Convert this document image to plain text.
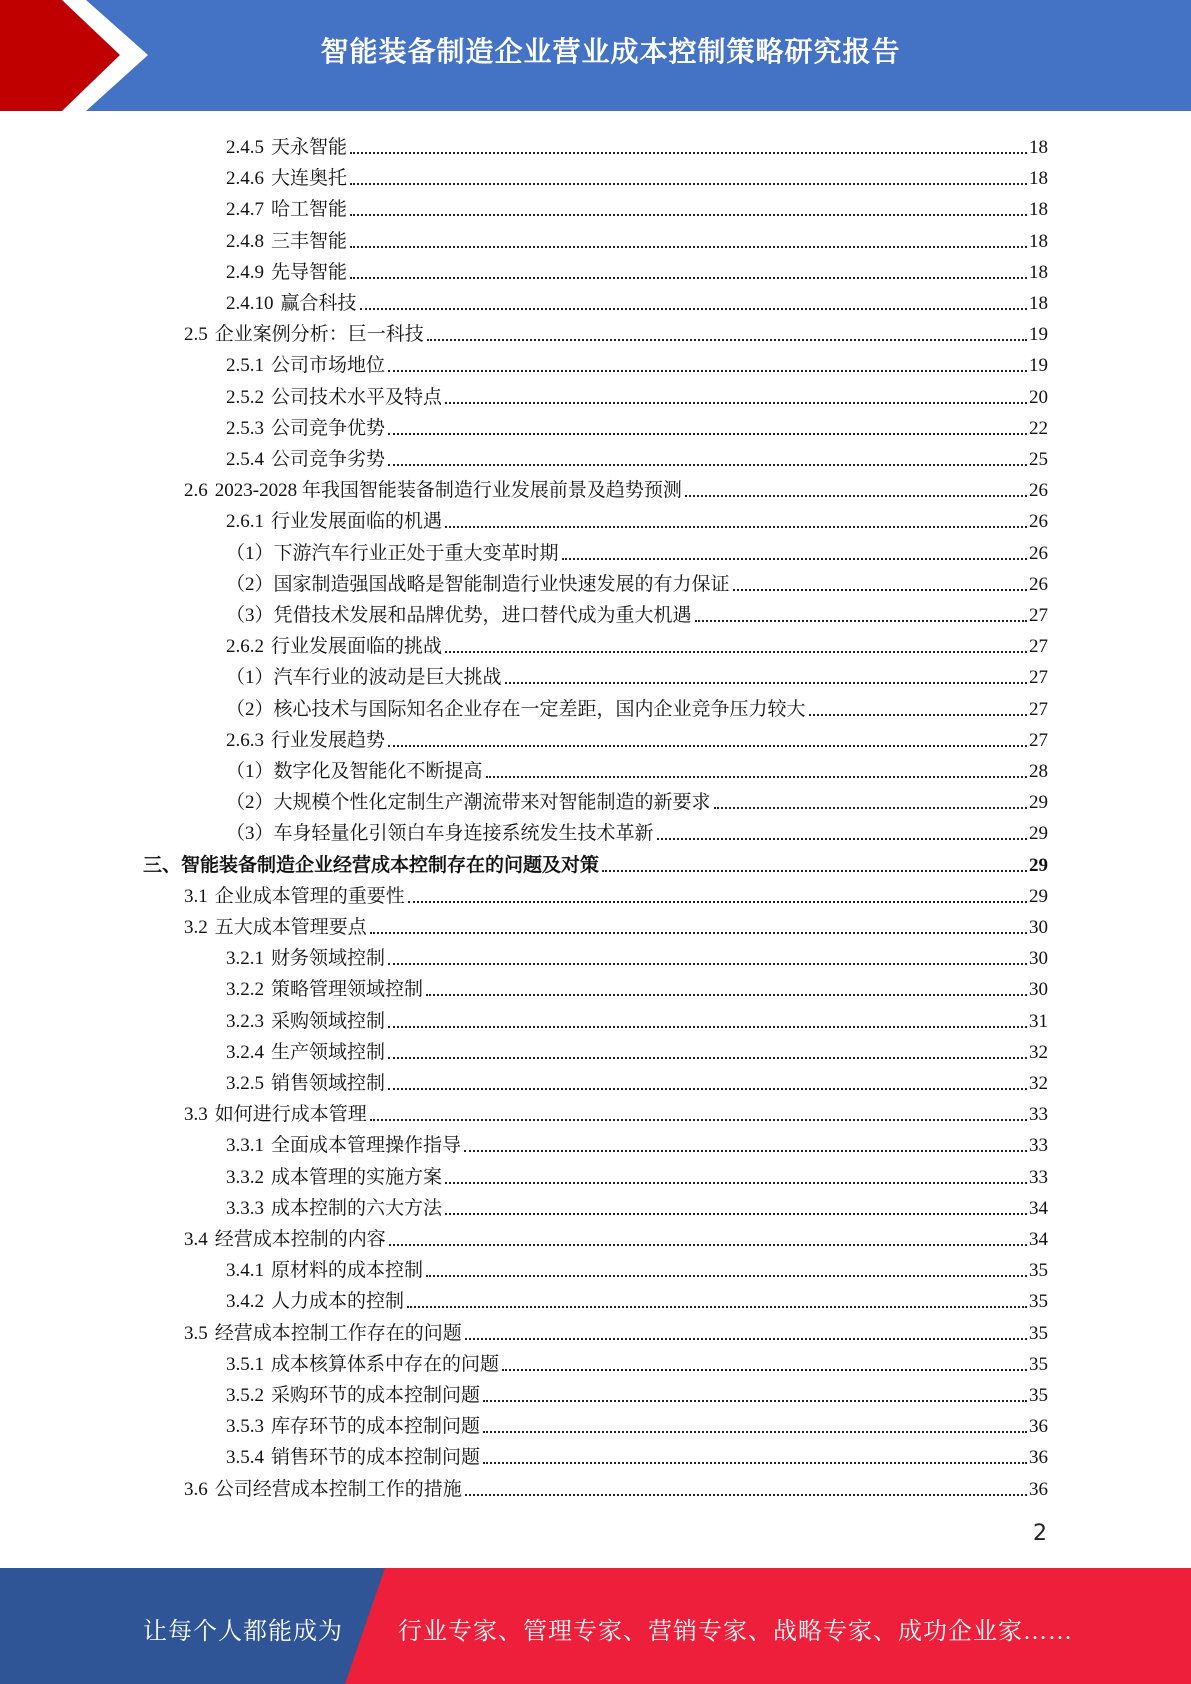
智能装备制造企业营业成本控制策略研究报告
2.4.5 天永智能	18
2.4.6 大连奥托	18
2.4.7 哈工智能	18
2.4.8 三丰智能	18
2.4.9 先导智能	18
2.4.10 赢合科技	18
2.5 企业案例分析：巨一科技	19
2.5.1 公司市场地位	19
2.5.2 公司技术水平及特点	20
2.5.3 公司竞争优势	22
2.5.4 公司竞争劣势	25
2.6 2023-2028 年我国智能装备制造行业发展前景及趋势预测	26
2.6.1 行业发展面临的机遇	26
（1）下游汽车行业正处于重大变革时期	26
（2）国家制造强国战略是智能制造行业快速发展的有力保证	26
（3）凭借技术发展和品牌优势，进口替代成为重大机遇	27
2.6.2 行业发展面临的挑战	27
（1）汽车行业的波动是巨大挑战	27
（2）核心技术与国际知名企业存在一定差距，国内企业竞争压力较大	27
2.6.3 行业发展趋势	27
（1）数字化及智能化不断提高	28
（2）大规模个性化定制生产潮流带来对智能制造的新要求	29
（3）车身轻量化引领白车身连接系统发生技术革新	29
三、智能装备制造企业经营成本控制存在的问题及对策	29
3.1 企业成本管理的重要性	29
3.2 五大成本管理要点	30
3.2.1 财务领域控制	30
3.2.2 策略管理领域控制	30
3.2.3 采购领域控制	31
3.2.4 生产领域控制	32
3.2.5 销售领域控制	32
3.3 如何进行成本管理	33
3.3.1 全面成本管理操作指导	33
3.3.2 成本管理的实施方案	33
3.3.3 成本控制的六大方法	34
3.4 经营成本控制的内容	34
3.4.1 原材料的成本控制	35
3.4.2 人力成本的控制	35
3.5 经营成本控制工作存在的问题	35
3.5.1 成本核算体系中存在的问题	35
3.5.2 采购环节的成本控制问题	35
3.5.3 库存环节的成本控制问题	36
3.5.4 销售环节的成本控制问题	36
3.6 公司经营成本控制工作的措施	36
2
让每个人都能成为 行业专家、管理专家、营销专家、战略专家、成功企业家……
